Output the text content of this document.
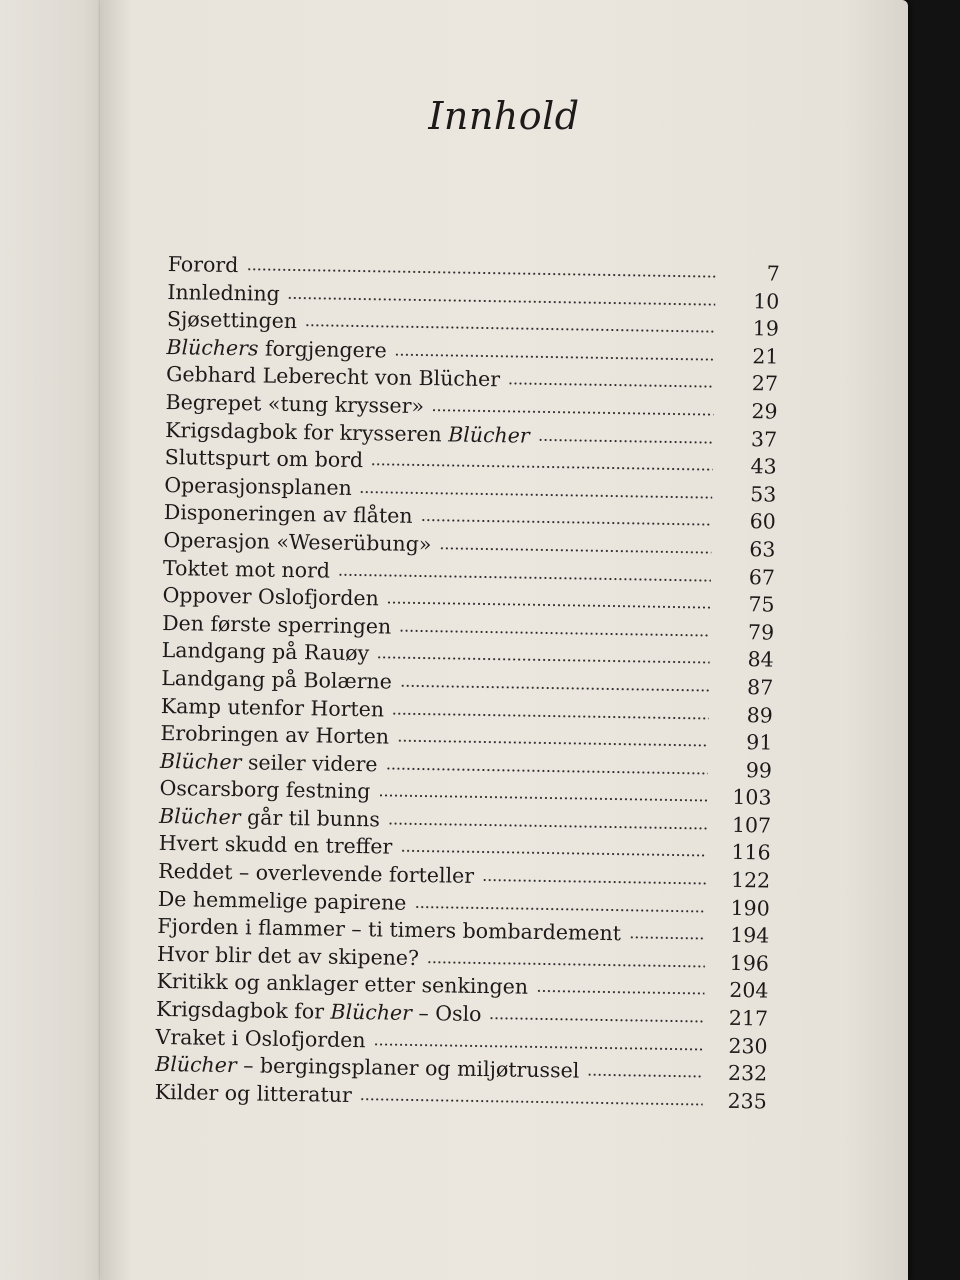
Innhold
Forord	7
Innledning	10
Sjøsettingen	19
Blüchers forgjengere	21
Gebhard Leberecht von Blücher	27
Begrepet «tung krysser»	29
Krigsdagbok for krysseren Blücher	37
Sluttspurt om bord	43
Operasjonsplanen	53
Disponeringen av flåten	60
Operasjon «Weserübung»	63
Toktet mot nord	67
Oppover Oslofjorden	75
Den første sperringen	79
Landgang på Rauøy	84
Landgang på Bolærne	87
Kamp utenfor Horten	89
Erobringen av Horten	91
Blücher seiler videre	99
Oscarsborg festning	103
Blücher går til bunns	107
Hvert skudd en treffer	116
Reddet – overlevende forteller	122
De hemmelige papirene	190
Fjorden i flammer – ti timers bombardement	194
Hvor blir det av skipene?	196
Kritikk og anklager etter senkingen	204
Krigsdagbok for Blücher – Oslo	217
Vraket i Oslofjorden	230
Blücher – bergingsplaner og miljøtrussel	232
Kilder og litteratur	235
